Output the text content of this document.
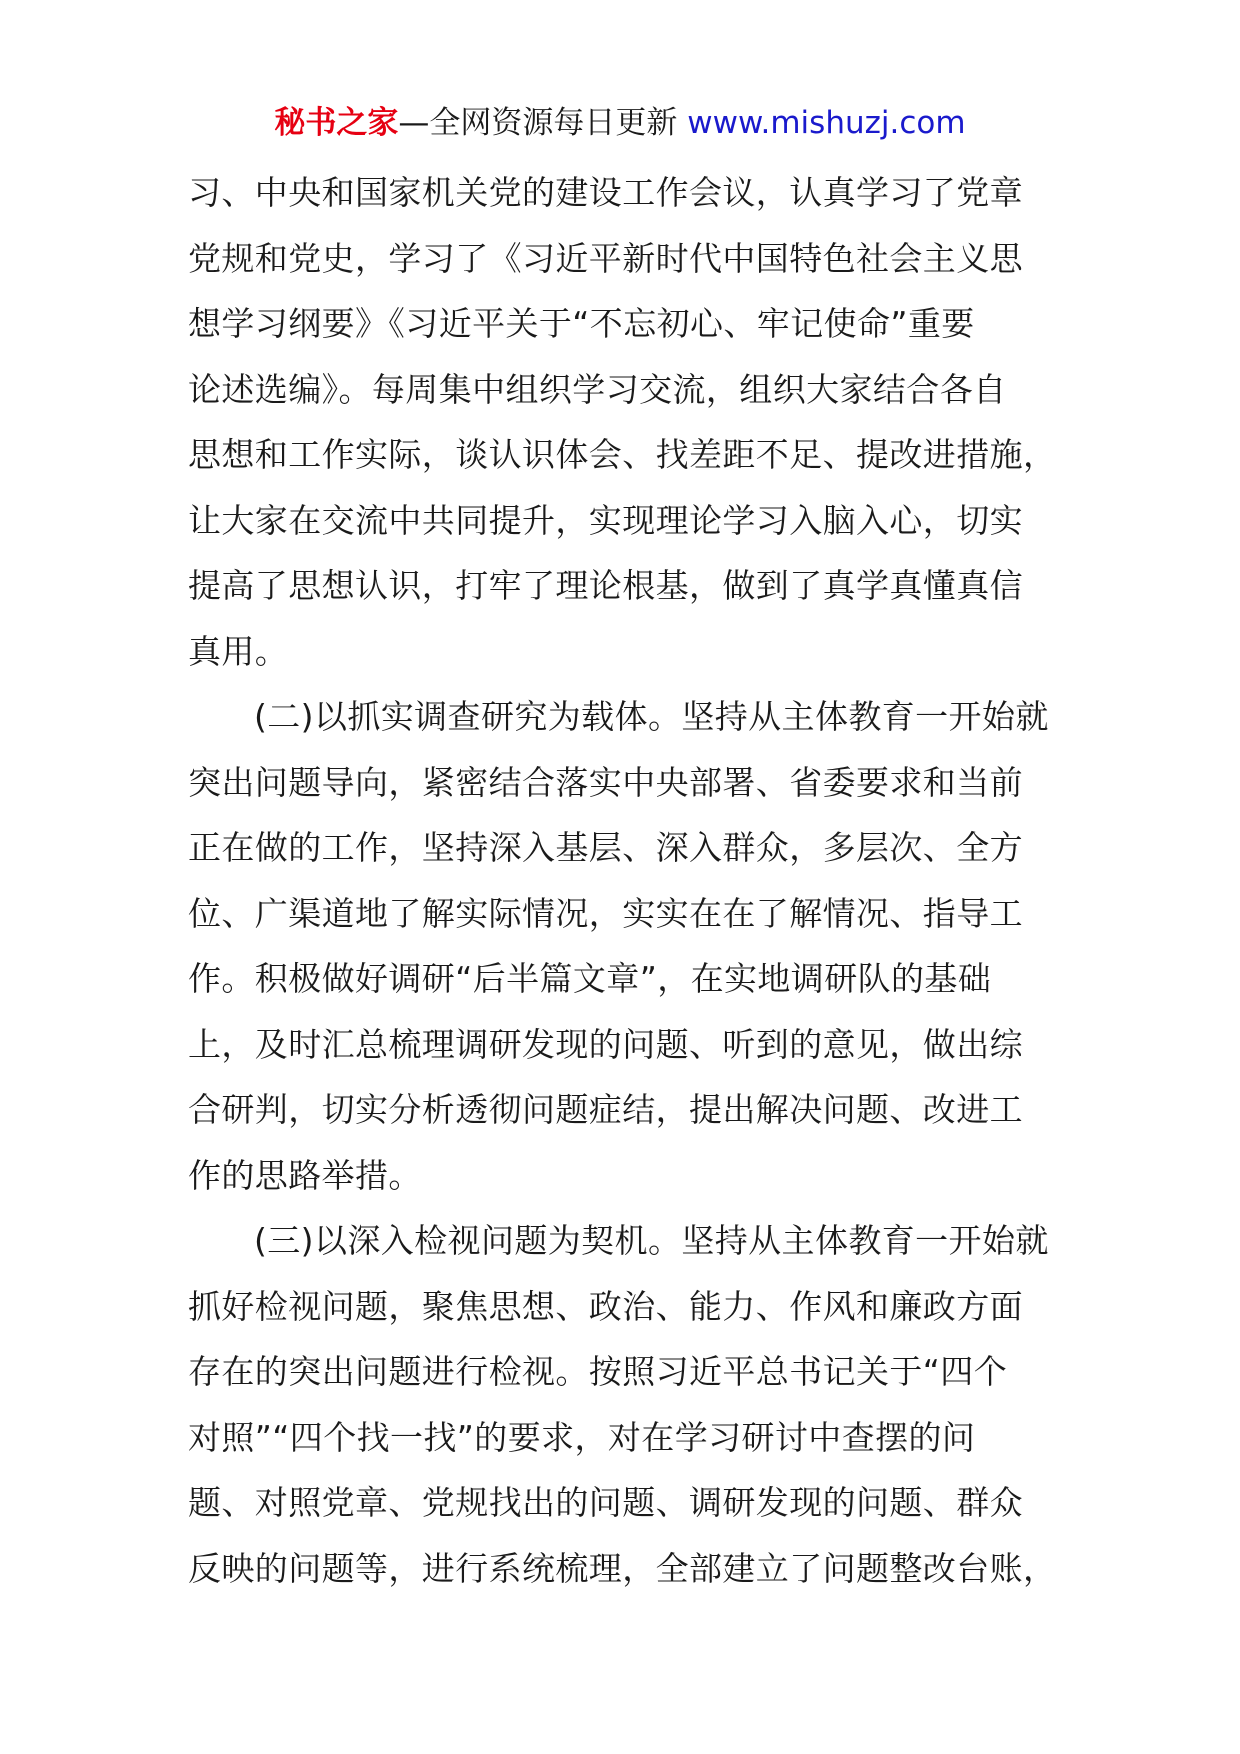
秘书之家—全网资源每日更新 www.mishuzj.com
习、中央和国家机关党的建设工作会议，认真学习了党章
党规和党史，学习了《习近平新时代中国特色社会主义思
想学习纲要》《习近平关于“不忘初心、牢记使命”重要
论述选编》。每周集中组织学习交流，组织大家结合各自
思想和工作实际，谈认识体会、找差距不足、提改进措施，
让大家在交流中共同提升，实现理论学习入脑入心，切实
提高了思想认识，打牢了理论根基，做到了真学真懂真信
真用。
(二)以抓实调查研究为载体。坚持从主体教育一开始就
突出问题导向，紧密结合落实中央部署、省委要求和当前
正在做的工作，坚持深入基层、深入群众，多层次、全方
位、广渠道地了解实际情况，实实在在了解情况、指导工
作。积极做好调研“后半篇文章”，在实地调研队的基础
上，及时汇总梳理调研发现的问题、听到的意见，做出综
合研判，切实分析透彻问题症结，提出解决问题、改进工
作的思路举措。
(三)以深入检视问题为契机。坚持从主体教育一开始就
抓好检视问题，聚焦思想、政治、能力、作风和廉政方面
存在的突出问题进行检视。按照习近平总书记关于“四个
对照”“四个找一找”的要求，对在学习研讨中查摆的问
题、对照党章、党规找出的问题、调研发现的问题、群众
反映的问题等，进行系统梳理，全部建立了问题整改台账，
